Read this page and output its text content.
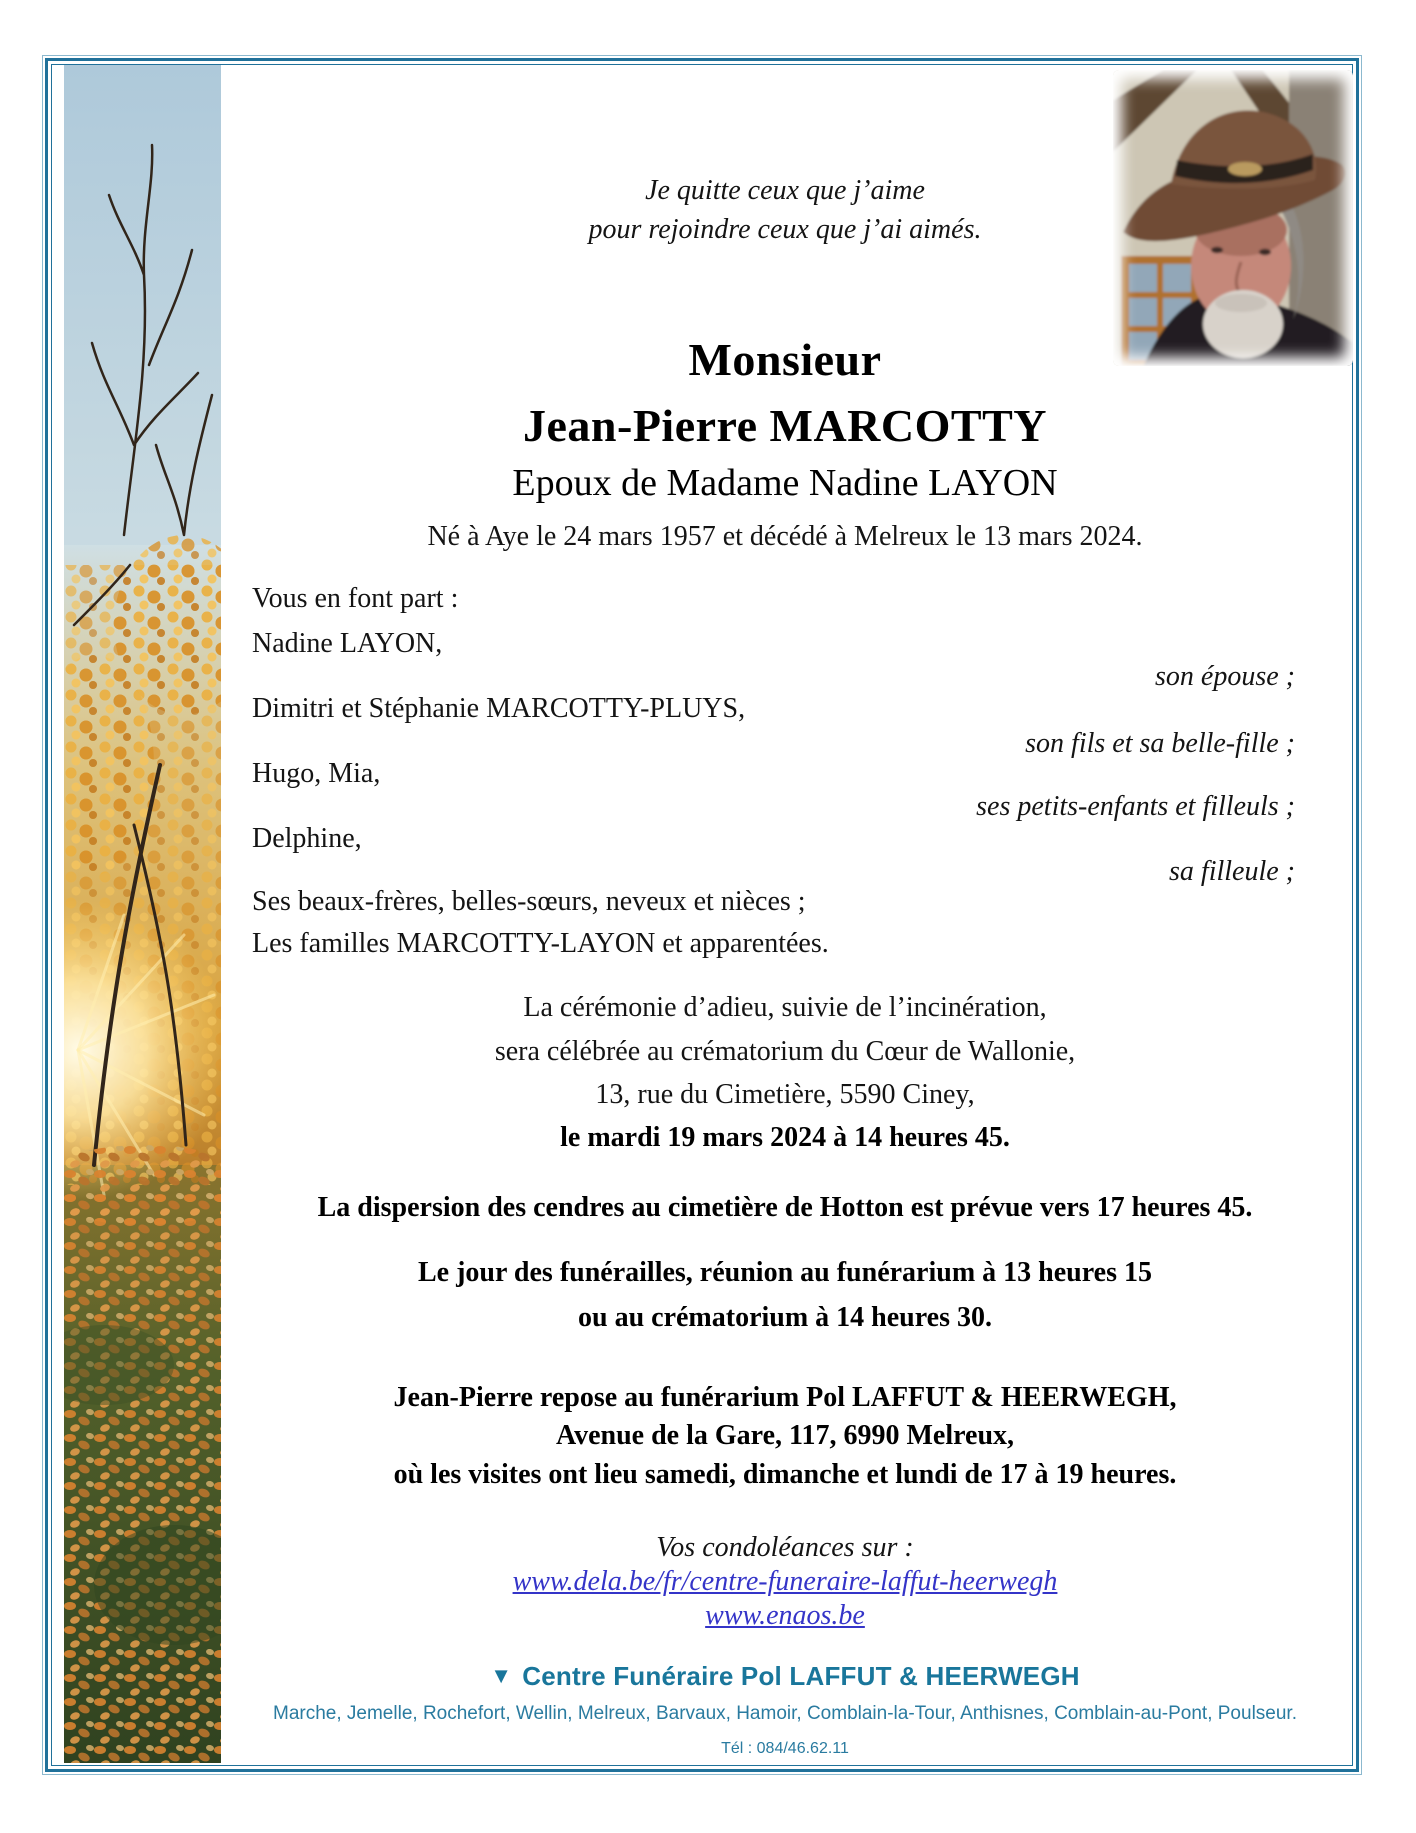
Je quitte ceux que j’aime

pour rejoindre ceux que j’ai aimés.

Monsieur
Jean-Pierre MARCOTTY
Epoux de Madame Nadine LAYON

Né à Aye le 24 mars 1957 et décédé à Melreux le 13 mars 2024.

Vous en font part :

Nadine LAYON,

son épouse ;

Dimitri et Stéphanie MARCOTTY-PLUYS,

son fils et sa belle-fille ;

Hugo, Mia,

ses petits-enfants et filleuls ;

Delphine,

sa filleule ;

Ses beaux-frères, belles-sœurs, neveux et nièces ;

Les familles MARCOTTY-LAYON et apparentées.

La cérémonie d’adieu, suivie de l’incinération,

sera célébrée au crématorium du Cœur de Wallonie,

13, rue du Cimetière, 5590 Ciney,

le mardi 19 mars 2024 à 14 heures 45.

La dispersion des cendres au cimetière de Hotton est prévue vers 17 heures 45.

Le jour des funérailles, réunion au funérarium à 13 heures 15

ou au crématorium à 14 heures 30.

Jean-Pierre repose au funérarium Pol LAFFUT & HEERWEGH,

Avenue de la Gare, 117, 6990 Melreux,

où les visites ont lieu samedi, dimanche et lundi de 17 à 19 heures.

Vos condoléances sur :

www.dela.be/fr/centre-funeraire-laffut-heerwegh

www.enaos.be

▼ Centre Funéraire Pol LAFFUT & HEERWEGH

Marche, Jemelle, Rochefort, Wellin, Melreux, Barvaux, Hamoir, Comblain-la-Tour, Anthisnes, Comblain-au-Pont, Poulseur.

Tél : 084/46.62.11
